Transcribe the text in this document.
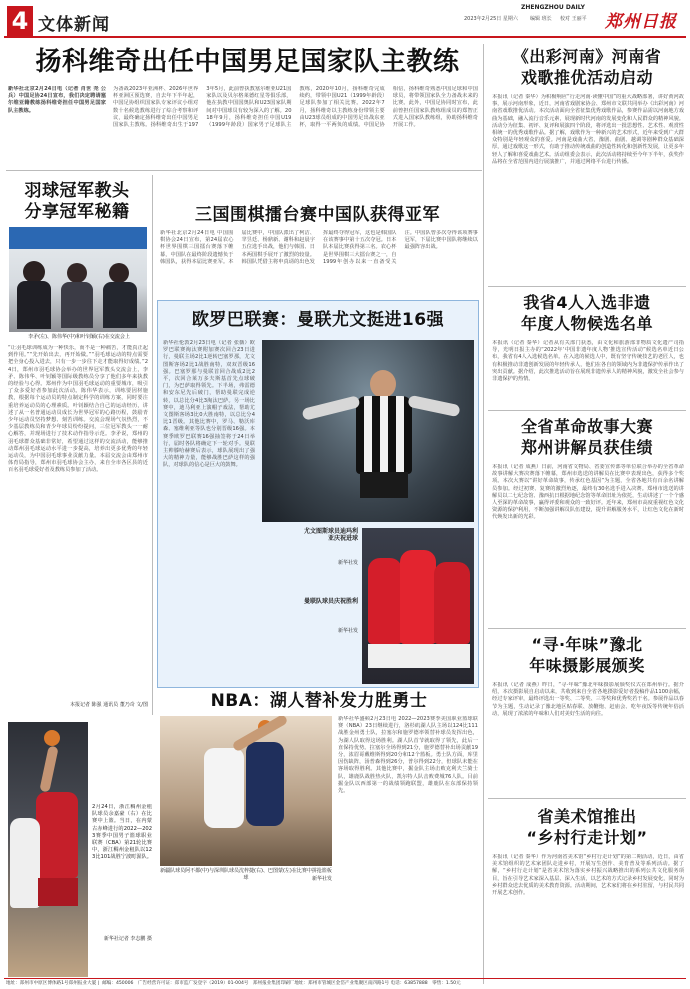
4 文体新闻
ZHENGZHOU DAILY
2023年2月25日 星期六 编辑 班长 校对 王丽平 郑州日报
扬科维奇出任中国男足国家队主教练
新华社北京2月24日电（记者 肖世 尧 公兵）中国足协24日宣布，我们决定聘请塞尔维亚籍教练扬科维奇担任中国男足国家队主教练。
为备战2023年亚洲杯、2026年世界杯亚洲区预选赛，自去年下半年起，中国足协组织国家队专家评议小组对数十名候选教练进行了综合考察和评议，最终确定扬科维奇出任中国男足国家队主教练。扬科维奇出生于1973年5月，此前曾执教塞尔维亚U21国家队以及贝尔格莱德红星等俱乐部，他在执教中国国奥队和U23国家队期间对中国球员有较为深入的了解。2018年9月，扬科维奇担任中国U19（1999年龄段）国家男子足球队主教练，2020年10月，扬科维奇完成续约，带领中国U21（1999年龄段）足球队参加了相关比赛。2022年7月，扬科维奇以主教练身份带领主要由U23球员组成的中国男足出战东亚杯，取得一平两负的成绩。中国足协相信，扬科维奇熟悉中国足球和中国球员，将带领国家队全力备战未来的比赛。此外，中国足协同时宣布，此前曾担任国家队教练组成员的郑智正式进入国家队教练组，协助扬科维奇开展工作。
羽球冠军教头
分享冠军秘籍
李矛(左)、陈伟华(中)和叶钊颖(右)在交流会上
“让羽毛球训练成为一种快乐，而不是一种痛苦，才能真正起到作用。”“先开始出去，再开始做。”“羽毛球运动的特点需要把全身心投入进去，只有一步一步往下走才能取得好成绩。”24日，郑州市羽毛球协会举办的世界冠军教头交流会上，李矛、陈伟华、叶钊颖等国际级教练员分享了他们多年来执教的经验与心得。郑州作为中国羽毛球运动的重要城市，吸引了众多爱好者参加此次活动。陈伟华表示，训练要因材施教，根据每个运动员的特点制定科学的训练方案，同时要注重培养运动员的心理素质。叶钊颖结合自己的运动经历，讲述了从一名普通运动员成长为世界冠军的心路历程，鼓励青少年运动员坚持梦想、刻苦训练。交流会现场气氛热烈，不少基层教练员和青少年球员纷纷提问，三位冠军教头一一耐心解答，并现场进行了技术动作指导示范。李矛说，郑州的羽毛球群众基础非常好，希望通过这样的交流活动，能够推动郑州羽毛球运动水平进一步提高，培养出更多优秀的年轻运动员，为中国羽毛球事业贡献力量。本届交流会由郑州市体育局指导，郑州市羽毛球协会主办，来自全市各区县的近百名羽毛球爱好者及教练员参加了活动。
本报记者 陈强 通讯员 董乃奇 文/图
三国围棋擂台赛中国队获得亚军
新华社北京2月24日电 中国围棋协会24日宣布，第24届农心杯世界围棋三国擂台赛落下帷幕，中国队在最终阶段遗憾负于韩国队，获得本届比赛亚军。本届比赛中，中国队派出了柯洁、芈昱廷、杨鼎新、谢科和赵晨宇五位选手出战，他们与韩国、日本两国棋手展开了激烈的较量。韩国队凭借主将申真谞的出色发挥最终夺得冠军，这也是韩国队在该赛事中第十五次夺冠。日本队本届比赛获得第三名。农心杯是世界围棋三大擂台赛之一，自1999年创办以来一直备受关注。中国队曾多次夺得该项赛事冠军，下届比赛中国队将继续以最强阵容出战。
欧罗巴联赛：曼联尤文挺进16强
新华社伦敦2月23日电（记者 张薇）欧罗巴联赛淘汰赛附加赛次回合23日进行，曼联主场2比1逆转巴塞罗那，尤文图斯客场2比1战胜南特，双双晋级16强。巴塞罗那与曼联首回合战成2比2平，次回合莱万多夫斯基首先点球破门，为巴萨取得领先。下半场，弗雷德和安东尼先后破门，帮助曼联完成逆转，以总比分4比3淘汰巴萨。另一场比赛中，迪马利亚上演帽子戏法，帮助尤文图斯客场3比0大胜南特，以总比分4比1晋级。其他比赛中，罗马、勒沃库森、塞维利亚等队也分别晋级16强。本赛季欧罗巴联赛16强抽签将于24日举行，届时各队将确定下一轮对手。曼联主帅滕哈赫赛后表示，球队展现出了强大的精神力量，能够战胜巴萨这样的强队，对球队的信心是巨大的鼓舞。
尤文图斯球员迪玛利亚庆祝进球
新华社发
曼联队球员庆祝胜利
新华社发
NBA：湖人替补发力胜勇士
新疆队球员阿不都(中)与深圳队球员沈梓捷(右)、巴图蒙(左)在比赛中拼抢篮板球	新华社发
新华社华盛顿2月23日电 2022—2023赛季美国职业篮球联赛（NBA）23日继续进行，洛杉矶湖人队主场以124比111战胜金州勇士队，拉塞尔和施罗德率领替补球员发挥出色，为湖人队取得这场胜利。湖人队首节就取得了领先，此后一直保持优势。拉塞尔全场得到21分，施罗德替补出场贡献19分，浓眉哥戴维斯得到20分和12个篮板。勇士队方面，库里因伤缺阵，汤普森得到26分，普尔得到22分，但球队未能在客场取得胜利。其他比赛中，掘金队主场击败克利夫兰骑士队，雄鹿队战胜热火队，凯尔特人队击败费城76人队。目前掘金队以西部第一的战绩领跑联盟，雄鹿队在东部保持领先。
2月24日，浙江稠州金租队球员余嘉豪（右）在比赛中上篮。当日，在内蒙古赤峰进行的2022—2023赛季中国男子篮球职业联赛（CBA）第21轮比赛中，浙江稠州金租队以123比101战胜宁波町渥队。
新华社记者 李志鹏 摄
《出彩河南》河南省
戏歌推优活动启动
本报讯（记者 秦华）为积极响应“行走河南·读懂中国”的重大战略部署，讲好黄河故事，展示河南形象，近日，河南省戏剧家协会、郑州市文联共同举办《出彩河南》河南省戏歌推优活动。本次活动面向全省征集优秀戏歌作品，参赛作品需以河南地方戏曲为基础，融入流行音乐元素，展现新时代河南的发展变化和人民群众的精神风貌。活动分为征集、初评、复评和展演四个阶段，将评选出一批思想性、艺术性、观赏性相统一的优秀戏歌作品。据了解，戏歌作为一种新兴的艺术形式，近年来受到广大群众特别是年轻观众的喜爱。河南是戏曲大省，豫剧、曲剧、越调等剧种群众基础深厚，通过戏歌这一形式，有助于推动传统戏曲的创造性转化和创新性发展，让更多年轻人了解和喜爱戏曲艺术。活动组委会表示，此次活动将持续至今年下半年，获奖作品将在全省范围内进行展演推广，并通过网络平台进行传播。
我省4人入选非遗
年度人物候选名单
本报讯（记者 秦华）记者从有关部门获悉，由文化和旅游部非物质文化遗产司指导，光明日报主办的“2022年‘中国非遗年度人物’推选宣传活动”候选名单近日公布，我省有4人入选候选名单。在入选的候选人中，既有坚守传统技艺的老匠人，也有积极推动非遗创新发展的年轻传承人，他们在各自的领域内为非遗保护传承作出了突出贡献。据介绍，此次推选活动旨在展现非遗传承人的精神风貌，激发全社会参与非遗保护的热情。
全省革命故事大赛
郑州讲解员获佳绩
本报讯（记者 成燕）日前，河南省文物局、省委宣传部等单位联合举办的全省革命故事讲解大赛决赛落下帷幕，郑州市选送的讲解员在比赛中表现出色，获得多个奖项。本次大赛以“讲好革命故事，传承红色基因”为主题，全省各地共有百余名讲解员参加。经过初赛、复赛的激烈角逐，最终有30名选手进入决赛。郑州市选送的讲解员以二七纪念馆、豫西抗日根据地纪念馆等革命旧址为依托，生动讲述了一个个感人至深的革命故事，赢得评委和观众的一致好评。近年来，郑州市高度重视红色文化资源的保护利用，不断加强讲解员队伍建设，提升讲解服务水平，让红色文化在新时代焕发出新的光彩。
“寻·年味”豫北
年味摄影展颁奖
本报讯（记者 成燕）昨日，“寻·年味”豫北年味摄影展颁奖仪式在郑州举行。据介绍，本次摄影展自启动以来，共收到来自全省各地摄影爱好者投稿作品1100余幅，经过专家评审，最终评选出一等奖、二等奖、三等奖和优秀奖若干名。参展作品以春节为主题，生动记录了豫北地区贴春联、放鞭炮、赶庙会、吃年夜饭等传统年俗活动，展现了浓浓的年味和人们对美好生活的向往。
省美术馆推出
“乡村行走计划”
本报讯（记者 秦华）作为河南省美术馆“乡村行走计划”的第二期活动，近日，由省美术馆组织的艺术家团队走进乡村，开展写生创作、美育普及等系列活动。据了解，“乡村行走计划”是省美术馆为落实乡村振兴战略推出的系列公共文化服务项目，旨在引导艺术家深入基层、深入生活，以艺术的方式记录乡村发展变化，同时为乡村群众送去优质的美术教育资源。活动期间，艺术家们将在乡村驻留，与村民共同开展艺术创作。
地址：郑州市中原区博体路1号郑州报业大厦 |  邮编：450006 广告经营许可证：郑市监广发登字（2019）01-004号 郑州报业集团印刷厂地址：郑州市管城区金岱产业集聚区南四路1号 电话：63857888 零售：1.50元
